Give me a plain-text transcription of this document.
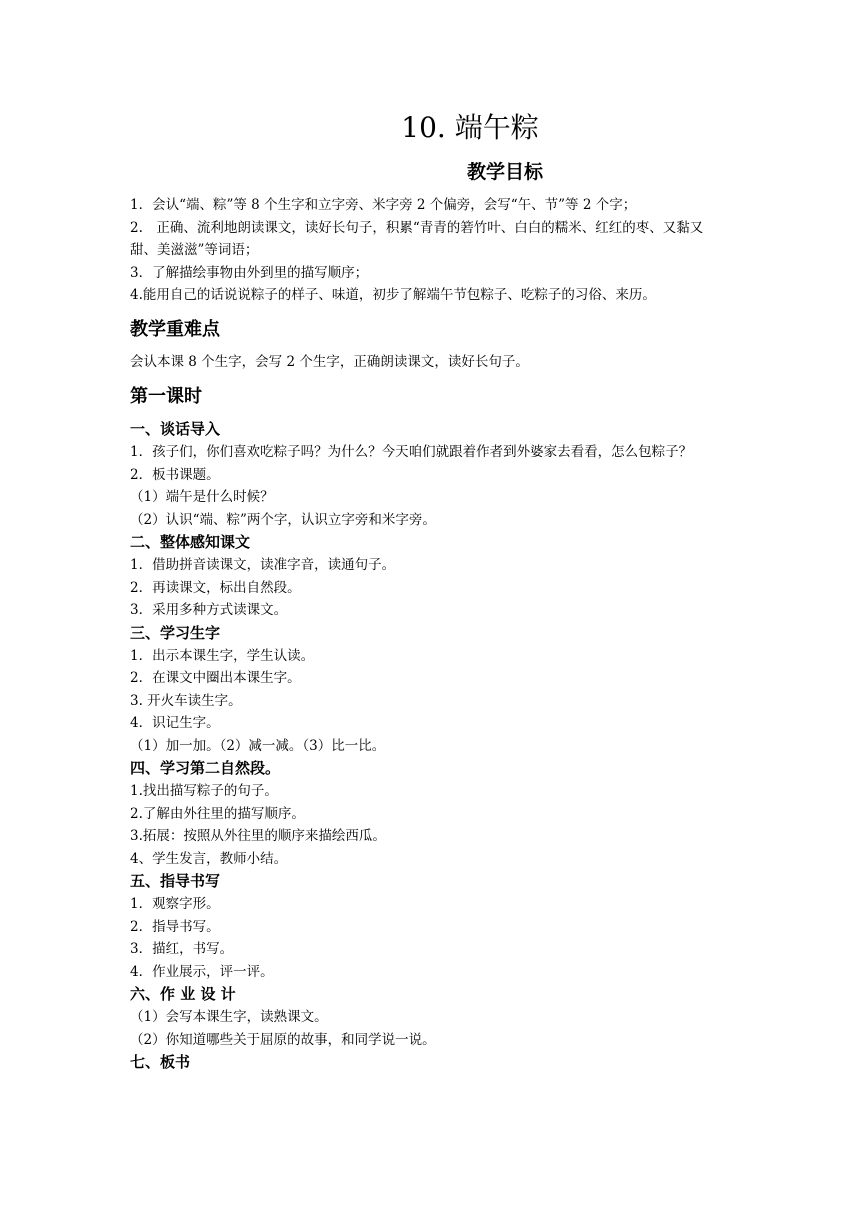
10. 端午粽
教学目标

1．会认“端、粽”等 8 个生字和立字旁、米字旁 2 个偏旁，会写“午、节”等 2 个字；

2.　正确、流利地朗读课文，读好长句子，积累“青青的箬竹叶、白白的糯米、红红的枣、又黏又甜、美滋滋”等词语；

3．了解描绘事物由外到里的描写顺序；

4.能用自己的话说说粽子的样子、味道，初步了解端午节包粽子、吃粽子的习俗、来历。

教学重难点

会认本课 8 个生字，会写 2 个生字，正确朗读课文，读好长句子。

第一课时

一、谈话导入

1．孩子们，你们喜欢吃粽子吗？为什么？今天咱们就跟着作者到外婆家去看看，怎么包粽子？

2．板书课题。

（1）端午是什么时候？

（2）认识“端、粽”两个字，认识立字旁和米字旁。

二、整体感知课文

1．借助拼音读课文，读准字音，读通句子。

2．再读课文，标出自然段。

3．采用多种方式读课文。

三、学习生字

1．出示本课生字，学生认读。

2．在课文中圈出本课生字。

3. 开火车读生字。

4．识记生字。

（1）加一加。（2）减一减。（3）比一比。

四、学习第二自然段。

1.找出描写粽子的句子。

2.了解由外往里的描写顺序。

3.拓展：按照从外往里的顺序来描绘西瓜。

4、学生发言，教师小结。

五、指导书写

1．观察字形。

2．指导书写。

3．描红，书写。

4．作业展示，评一评。

六、作 业 设 计

（1）会写本课生字，读熟课文。

（2）你知道哪些关于屈原的故事，和同学说一说。

七、板书
